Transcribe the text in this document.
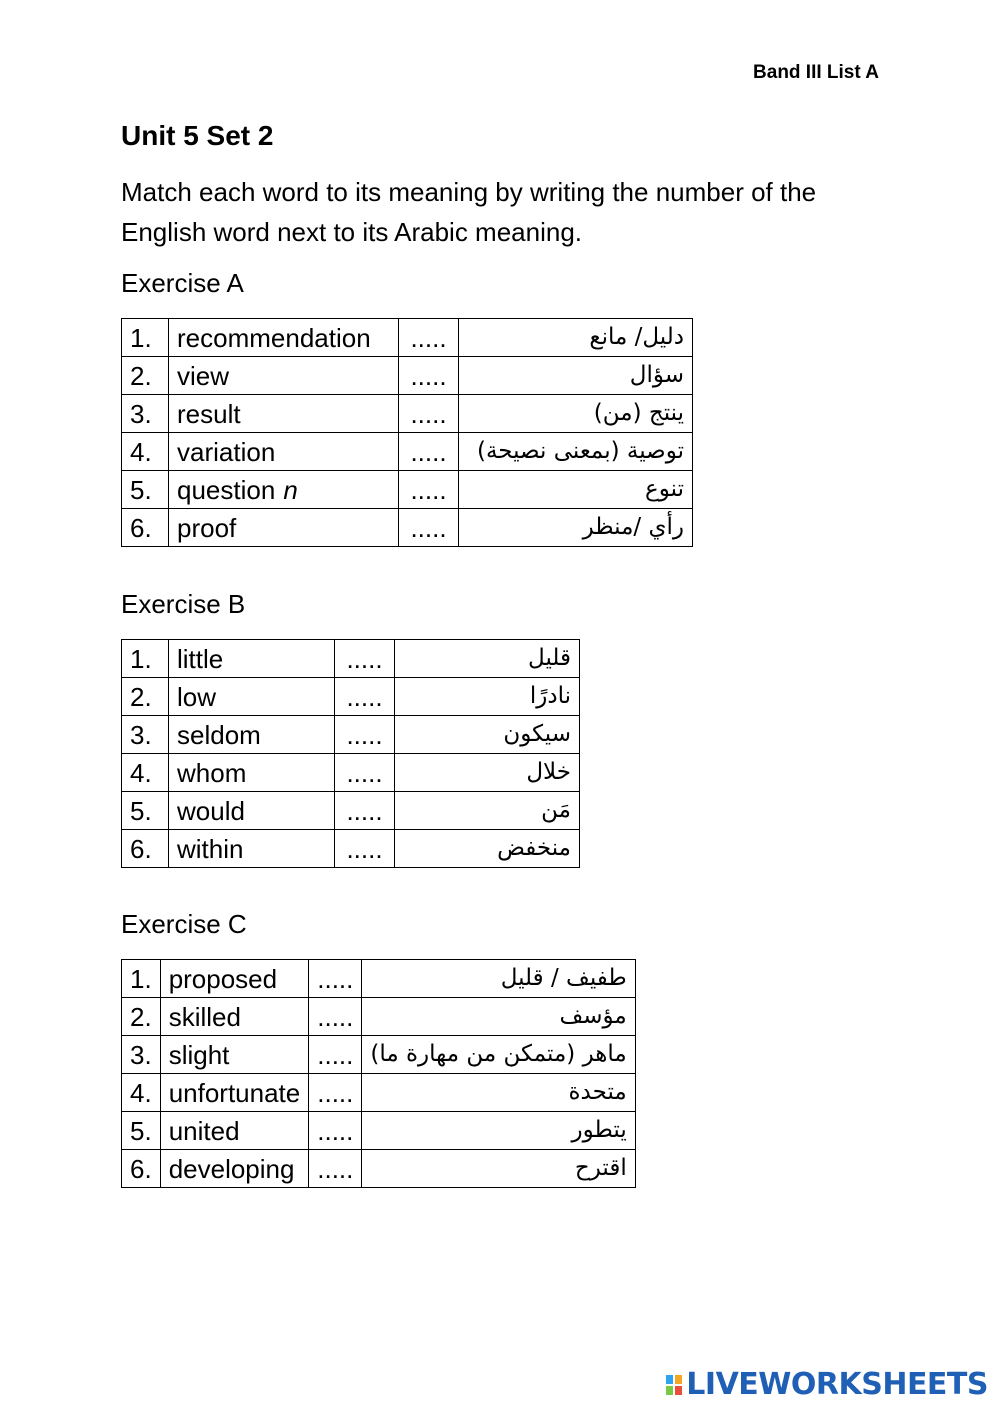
Band III List A
Unit 5 Set 2

Match each word to its meaning by writing the number of the English word next to its Arabic meaning.

Exercise A
1.	recommendation	.....	دليل/ مانع
2.	view	.....	سؤال
3.	result	.....	ينتج (من)
4.	variation	.....	توصية (بمعنى نصيحة)
5.	question n	.....	تنوع
6.	proof	.....	رأي /منظر
Exercise B
1.	little	.....	قليل
2.	low	.....	نادرًا
3.	seldom	.....	سيكون
4.	whom	.....	خلال
5.	would	.....	مَن
6.	within	.....	منخفض
Exercise C
1.	proposed	.....	طفيف / قليل
2.	skilled	.....	مؤسف
3.	slight	.....	ماهر (متمكن من مهارة ما)
4.	unfortunate	.....	متحدة
5.	united	.....	يتطور
6.	developing	.....	اقترح
LIVEWORKSHEETS
